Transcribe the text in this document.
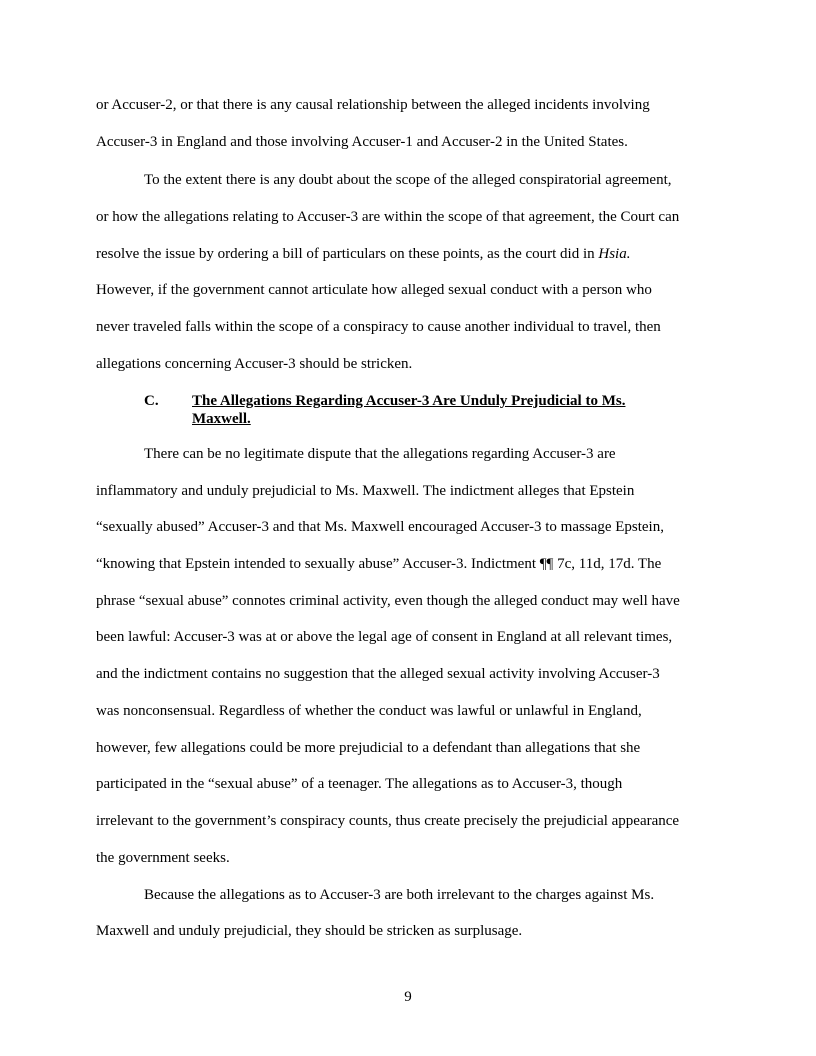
or Accuser-2, or that there is any causal relationship between the alleged incidents involving
Accuser-3 in England and those involving Accuser-1 and Accuser-2 in the United States.
To the extent there is any doubt about the scope of the alleged conspiratorial agreement,
or how the allegations relating to Accuser-3 are within the scope of that agreement, the Court can
resolve the issue by ordering a bill of particulars on these points, as the court did in Hsia.
However, if the government cannot articulate how alleged sexual conduct with a person who
never traveled falls within the scope of a conspiracy to cause another individual to travel, then
allegations concerning Accuser-3 should be stricken.
C. The Allegations Regarding Accuser-3 Are Unduly Prejudicial to Ms. Maxwell.
There can be no legitimate dispute that the allegations regarding Accuser-3 are
inflammatory and unduly prejudicial to Ms. Maxwell. The indictment alleges that Epstein
“sexually abused” Accuser-3 and that Ms. Maxwell encouraged Accuser-3 to massage Epstein,
“knowing that Epstein intended to sexually abuse” Accuser-3. Indictment ¶¶ 7c, 11d, 17d. The
phrase “sexual abuse” connotes criminal activity, even though the alleged conduct may well have
been lawful: Accuser-3 was at or above the legal age of consent in England at all relevant times,
and the indictment contains no suggestion that the alleged sexual activity involving Accuser-3
was nonconsensual. Regardless of whether the conduct was lawful or unlawful in England,
however, few allegations could be more prejudicial to a defendant than allegations that she
participated in the “sexual abuse” of a teenager. The allegations as to Accuser-3, though
irrelevant to the government’s conspiracy counts, thus create precisely the prejudicial appearance
the government seeks.
Because the allegations as to Accuser-3 are both irrelevant to the charges against Ms.
Maxwell and unduly prejudicial, they should be stricken as surplusage.
9
